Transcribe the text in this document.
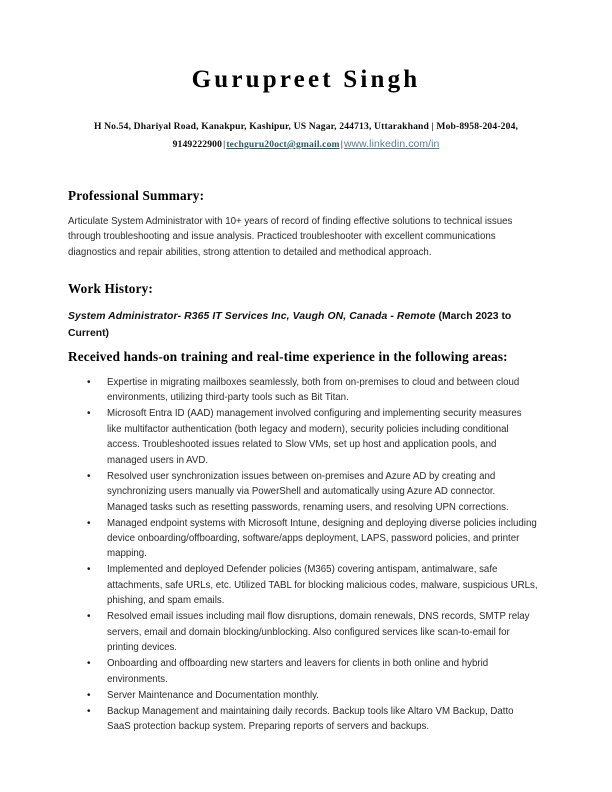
Gurupreet Singh
H No.54, Dhariyal Road, Kanakpur, Kashipur, US Nagar, 244713, Uttarakhand | Mob-8958-204-204,
9149222900|techguru20oct@gmail.com|www.linkedin.com/in
Professional Summary:
Articulate System Administrator with 10+ years of record of finding effective solutions to technical issues through troubleshooting and issue analysis. Practiced troubleshooter with excellent communications diagnostics and repair abilities, strong attention to detailed and methodical approach.
Work History:
System Administrator- R365 IT Services Inc, Vaugh ON, Canada - Remote (March 2023 to Current)
Received hands-on training and real-time experience in the following areas:
• Expertise in migrating mailboxes seamlessly, both from on-premises to cloud and between cloud environments, utilizing third-party tools such as Bit Titan.
• Microsoft Entra ID (AAD) management involved configuring and implementing security measures like multifactor authentication (both legacy and modern), security policies including conditional access. Troubleshooted issues related to Slow VMs, set up host and application pools, and managed users in AVD.
• Resolved user synchronization issues between on-premises and Azure AD by creating and synchronizing users manually via PowerShell and automatically using Azure AD connector. Managed tasks such as resetting passwords, renaming users, and resolving UPN corrections.
• Managed endpoint systems with Microsoft Intune, designing and deploying diverse policies including device onboarding/offboarding, software/apps deployment, LAPS, password policies, and printer mapping.
• Implemented and deployed Defender policies (M365) covering antispam, antimalware, safe attachments, safe URLs, etc. Utilized TABL for blocking malicious codes, malware, suspicious URLs, phishing, and spam emails.
• Resolved email issues including mail flow disruptions, domain renewals, DNS records, SMTP relay servers, email and domain blocking/unblocking. Also configured services like scan-to-email for printing devices.
• Onboarding and offboarding new starters and leavers for clients in both online and hybrid environments.
• Server Maintenance and Documentation monthly.
• Backup Management and maintaining daily records. Backup tools like Altaro VM Backup, Datto SaaS protection backup system. Preparing reports of servers and backups.
